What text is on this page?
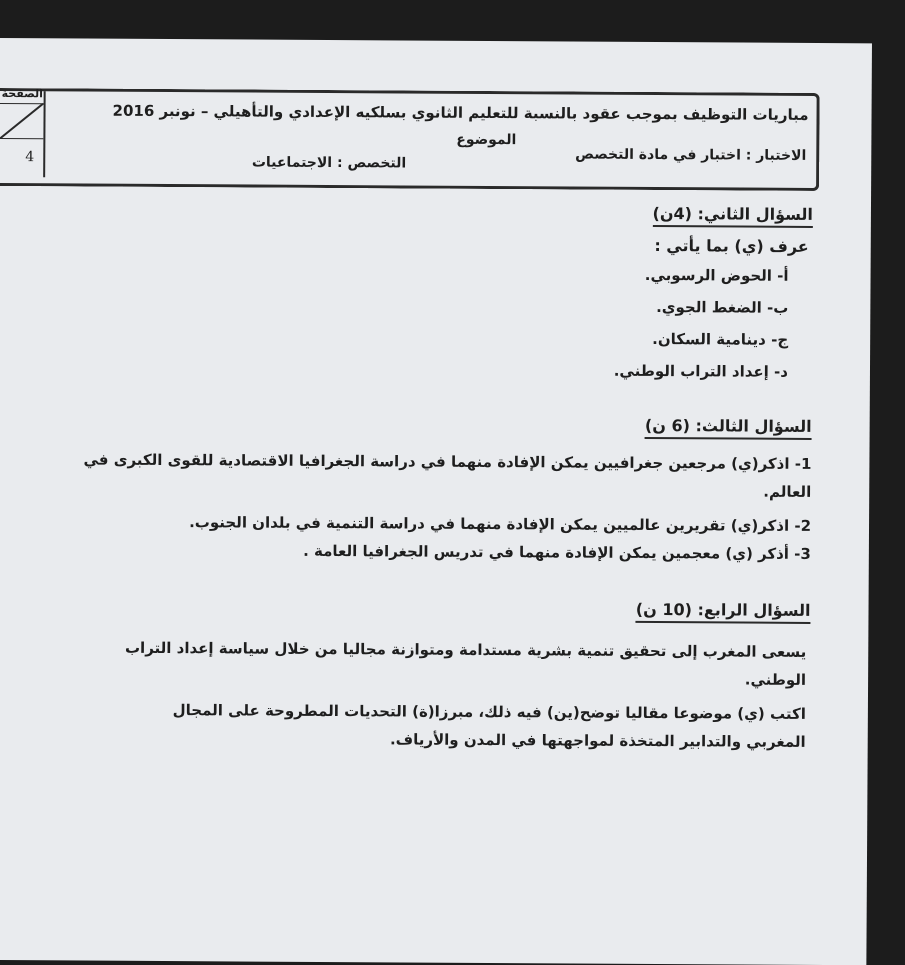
مباريات التوظيف بموجب عقود بالنسبة للتعليم الثانوي بسلكيه الإعدادي والتأهيلي – نونبر 2016
الموضوع
الاختبار : اختبار في مادة التخصص
التخصص : الاجتماعيات
الصفحة
4
السؤال الثاني: (4ن)
عرف (ي) بما يأتي :
أ- الحوض الرسوبي.
ب- الضغط الجوي.
ج- دينامية السكان.
د- إعداد التراب الوطني.
السؤال الثالث: (6 ن)
1- اذكر(ي) مرجعين جغرافيين يمكن الإفادة منهما في دراسة الجغرافيا الاقتصادية للقوى الكبرى في
العالم.
2- اذكر(ي) تقريرين عالميين يمكن الإفادة منهما في دراسة التنمية في بلدان الجنوب.
3- أذكر (ي) معجمين يمكن الإفادة منهما في تدريس الجغرافيا العامة .
السؤال الرابع: (10 ن)
يسعى المغرب إلى تحقيق تنمية بشرية مستدامة ومتوازنة مجاليا من خلال سياسة إعداد التراب
الوطني.
اكتب (ي) موضوعا مقاليا توضح(ين) فيه ذلك، مبرزا(ة) التحديات المطروحة على المجال
المغربي والتدابير المتخذة لمواجهتها في المدن والأرياف.
